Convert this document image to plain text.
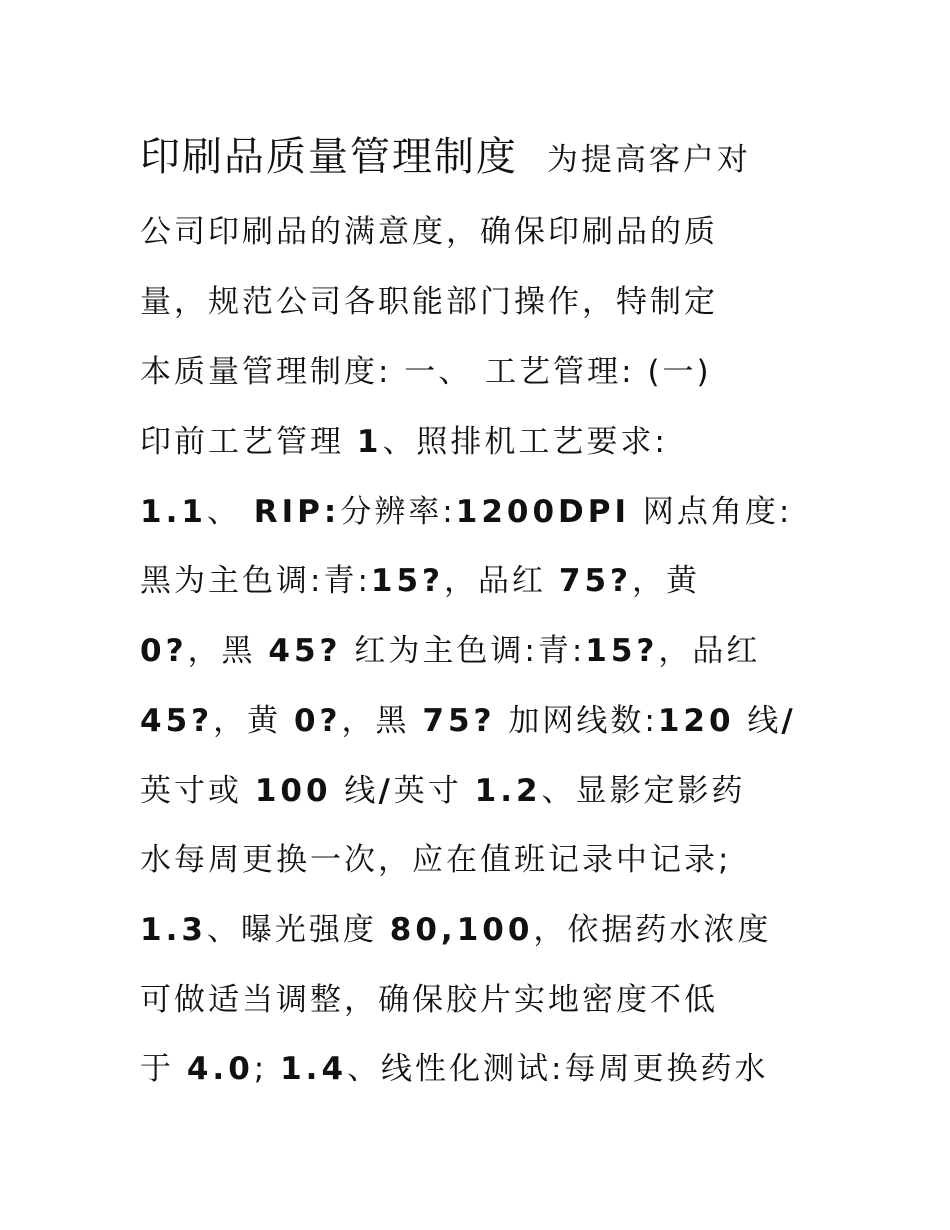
印刷品质量管理制度 为提高客户对
公司印刷品的满意度，确保印刷品的质
量，规范公司各职能部门操作，特制定
本质量管理制度: 一、 工艺管理: (一)
印前工艺管理 1、照排机工艺要求:
1.1、 RIP:分辨率:1200DPI 网点角度:
黑为主色调:青:15?，品红 75?，黄
0?，黑 45? 红为主色调:青:15?，品红
45?，黄 0?，黑 75? 加网线数:120 线/
英寸或 100 线/英寸 1.2、显影定影药
水每周更换一次，应在值班记录中记录;
1.3、曝光强度 80,100，依据药水浓度
可做适当调整，确保胶片实地密度不低
于 4.0; 1.4、线性化测试:每周更换药水
